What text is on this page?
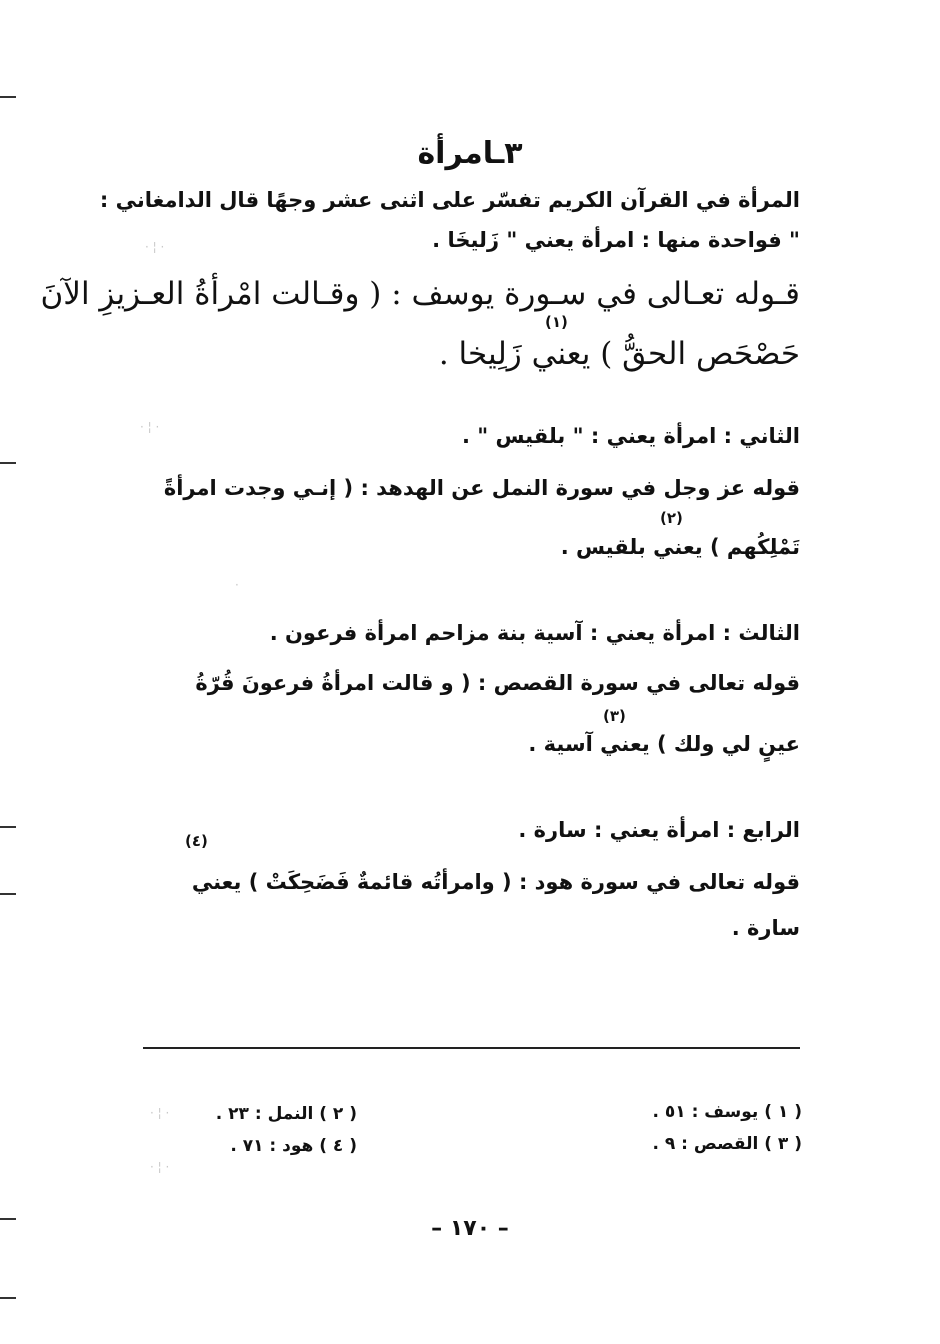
· ¦ ·
· ¦ ·
·
· ¦ ·
· ¦ ·
٣ـامرأة
المرأة في القرآن الكريم تفسّر على اثنى عشر وجهًا قال الدامغاني :
" فواحدة منها : امرأة يعني " زَليخَا .
قـوله تعـالى في سـورة يوسف : ( وقـالت امْرأةُ العـزيزِ الآنَ
(١)
حَصْحَص الحقُّ ) يعني زَلِيخا .
الثاني : امرأة يعني : " بلقيس " .
قوله عز وجل في سورة النمل عن الهدهد : ( إنـي وجدت امرأةً
(٢)
تَمْلِكُهم ) يعني بلقيس .
الثالث : امرأة يعني : آسية بنة مزاحم امرأة فرعون .
قوله تعالى في سورة القصص : ( و قالت امرأةُ فرعونَ قُرّةُ
(٣)
عينٍ لي ولك ) يعني آسية .
الرابع : امرأة يعني : سارة .
(٤)
قوله تعالى في سورة هود : ( وامرأتُه قائمةٌ فَضَحِكَتْ ) يعني
سارة .
( ١ ) يوسف : ٥١ .
( ٣ ) القصص : ٩ .
( ٢ ) النمل : ٢٣ .
( ٤ ) هود : ٧١ .
– ١٧٠ –
